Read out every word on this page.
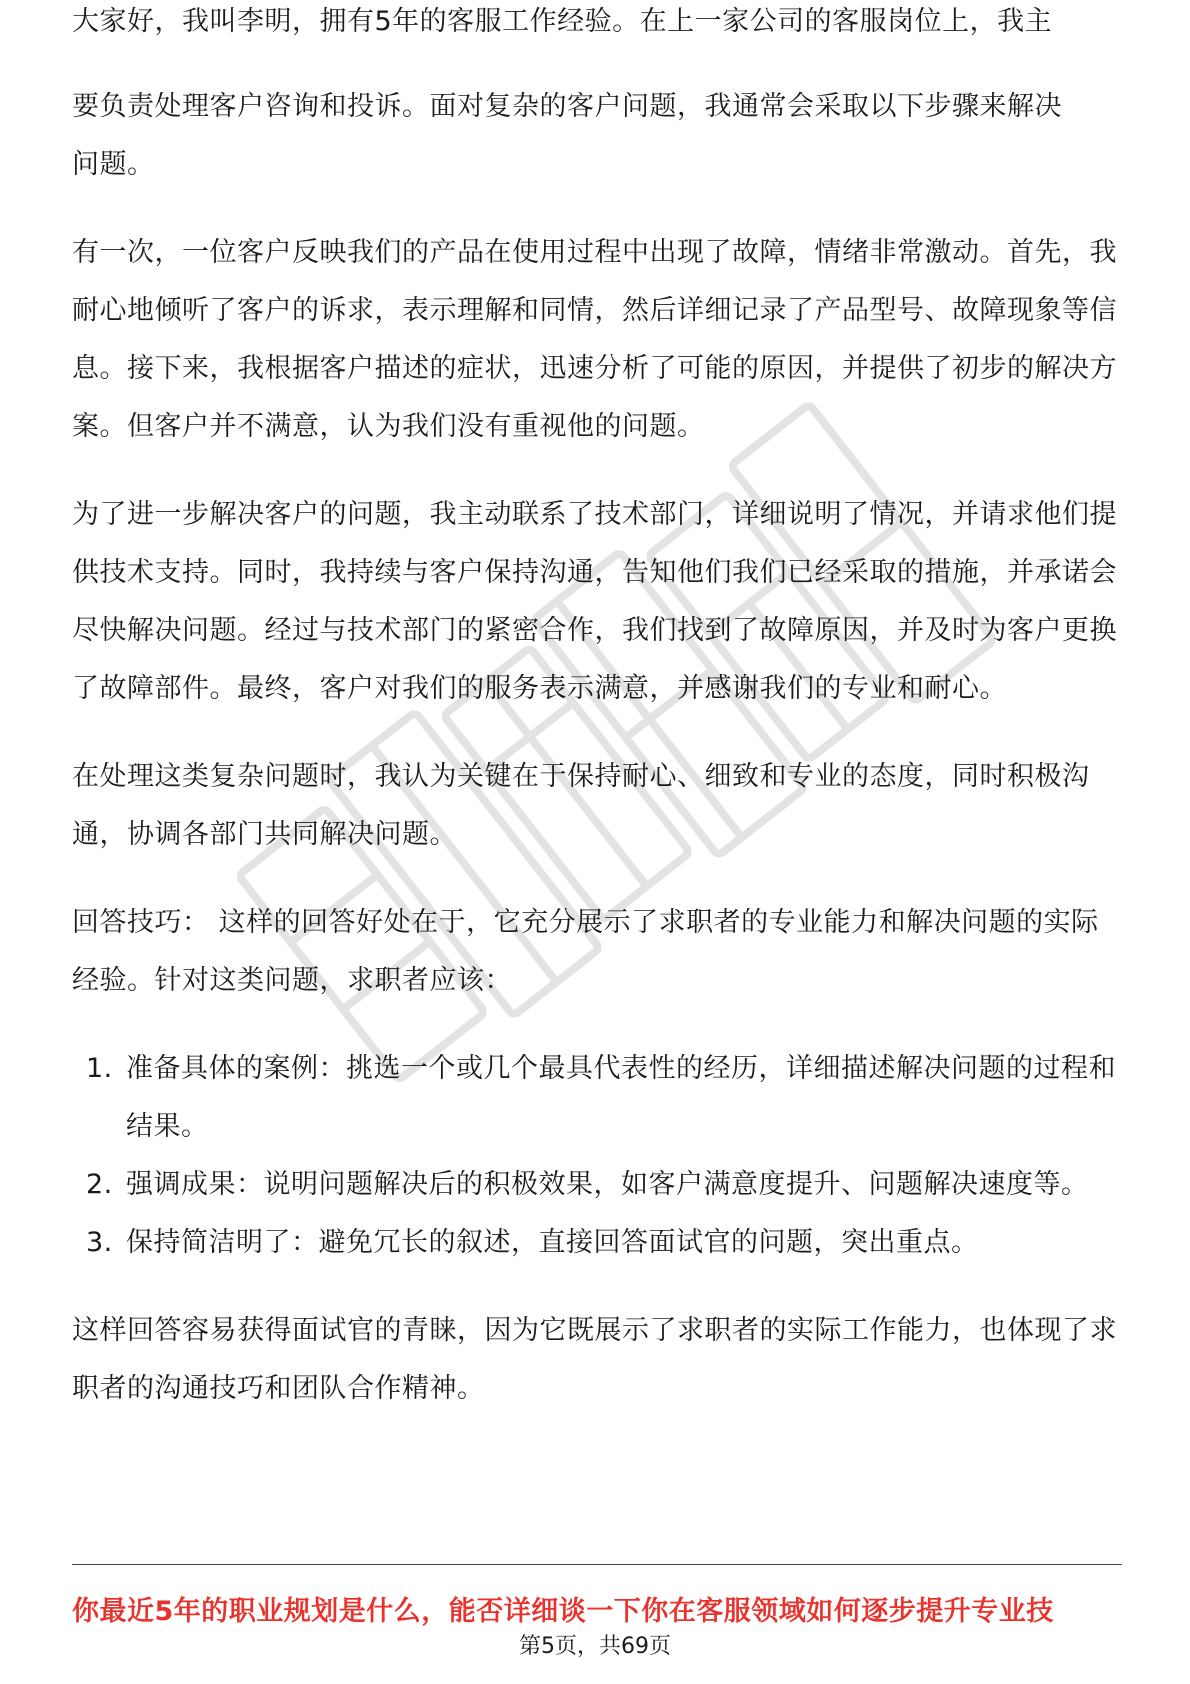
大家好，我叫李明，拥有5年的客服工作经验。在上一家公司的客服岗位上，我主

要负责处理客户咨询和投诉。面对复杂的客户问题，我通常会采取以下步骤来解决

问题。

有一次，一位客户反映我们的产品在使用过程中出现了故障，情绪非常激动。首先，我耐心地倾听了客户的诉求，表示理解和同情，然后详细记录了产品型号、故障现象等信息。接下来，我根据客户描述的症状，迅速分析了可能的原因，并提供了初步的解决方案。但客户并不满意，认为我们没有重视他的问题。

为了进一步解决客户的问题，我主动联系了技术部门，详细说明了情况，并请求他们提供技术支持。同时，我持续与客户保持沟通，告知他们我们已经采取的措施，并承诺会尽快解决问题。经过与技术部门的紧密合作，我们找到了故障原因，并及时为客户更换了故障部件。最终，客户对我们的服务表示满意，并感谢我们的专业和耐心。

在处理这类复杂问题时，我认为关键在于保持耐心、细致和专业的态度，同时积极沟通，协调各部门共同解决问题。

回答技巧： 这样的回答好处在于，它充分展示了求职者的专业能力和解决问题的实际经验。针对这类问题，求职者应该：

1. 准备具体的案例：挑选一个或几个最具代表性的经历，详细描述解决问题的过程和结果。
2. 强调成果：说明问题解决后的积极效果，如客户满意度提升、问题解决速度等。
3. 保持简洁明了：避免冗长的叙述，直接回答面试官的问题，突出重点。

这样回答容易获得面试官的青睐，因为它既展示了求职者的实际工作能力，也体现了求职者的沟通技巧和团队合作精神。

你最近5年的职业规划是什么，能否详细谈一下你在客服领域如何逐步提升专业技
第5页，共69页
